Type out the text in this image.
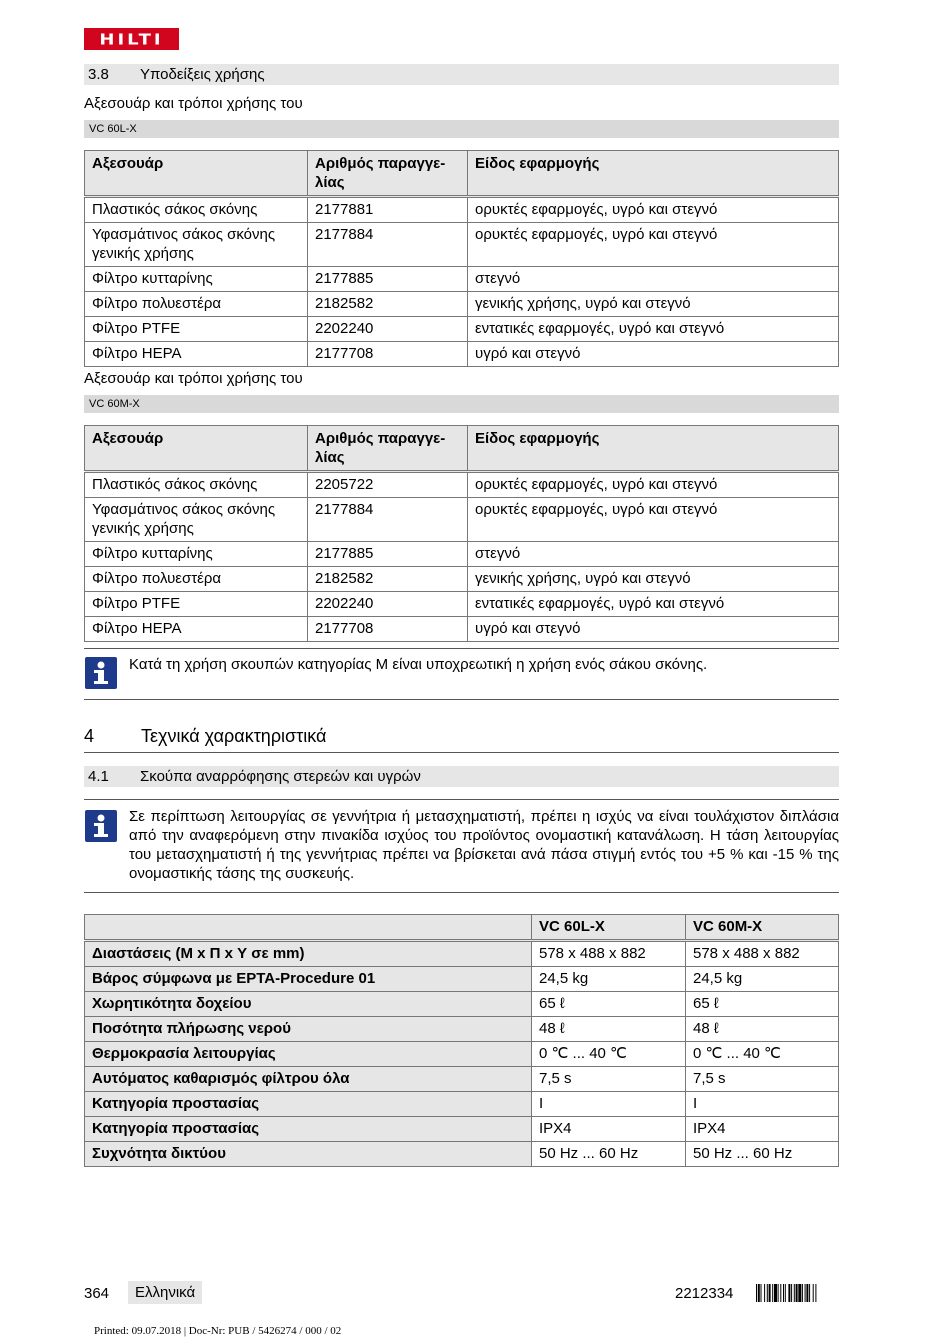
HILTI
3.8 Υποδείξεις χρήσης
Αξεσουάρ και τρόποι χρήσης του
VC 60L-X
Αξεσουάρ	Αριθμός παραγγε-λίας	Είδος εφαρμογής
Πλαστικός σάκος σκόνης	2177881	ορυκτές εφαρμογές, υγρό και στεγνό
Υφασμάτινος σάκος σκόνης γενικής χρήσης	2177884	ορυκτές εφαρμογές, υγρό και στεγνό
Φίλτρο κυτταρίνης	2177885	στεγνό
Φίλτρο πολυεστέρα	2182582	γενικής χρήσης, υγρό και στεγνό
Φίλτρο PTFE	2202240	εντατικές εφαρμογές, υγρό και στεγνό
Φίλτρο HEPA	2177708	υγρό και στεγνό
Αξεσουάρ και τρόποι χρήσης του
VC 60M-X
Αξεσουάρ	Αριθμός παραγγε-λίας	Είδος εφαρμογής
Πλαστικός σάκος σκόνης	2205722	ορυκτές εφαρμογές, υγρό και στεγνό
Υφασμάτινος σάκος σκόνης γενικής χρήσης	2177884	ορυκτές εφαρμογές, υγρό και στεγνό
Φίλτρο κυτταρίνης	2177885	στεγνό
Φίλτρο πολυεστέρα	2182582	γενικής χρήσης, υγρό και στεγνό
Φίλτρο PTFE	2202240	εντατικές εφαρμογές, υγρό και στεγνό
Φίλτρο HEPA	2177708	υγρό και στεγνό
Κατά τη χρήση σκουπών κατηγορίας M είναι υποχρεωτική η χρήση ενός σάκου σκόνης.
4	Τεχνικά χαρακτηριστικά
4.1 Σκούπα αναρρόφησης στερεών και υγρών
Σε περίπτωση λειτουργίας σε γεννήτρια ή μετασχηματιστή, πρέπει η ισχύς να είναι τουλάχιστον διπλάσια από την αναφερόμενη στην πινακίδα ισχύος του προϊόντος ονομαστική κατανάλωση. Η τάση λειτουργίας του μετασχηματιστή ή της γεννήτριας πρέπει να βρίσκεται ανά πάσα στιγμή εντός του +5 % και -15 % της ονομαστικής τάσης της συσκευής.
	VC 60L-X	VC 60M-X
Διαστάσεις (Μ x Π x Υ σε mm)	578 x 488 x 882	578 x 488 x 882
Βάρος σύμφωνα με EPTA-Procedure 01	24,5 kg	24,5 kg
Χωρητικότητα δοχείου	65 ℓ	65 ℓ
Ποσότητα πλήρωσης νερού	48 ℓ	48 ℓ
Θερμοκρασία λειτουργίας	0 ℃ ... 40 ℃	0 ℃ ... 40 ℃
Αυτόματος καθαρισμός φίλτρου όλα	7,5 s	7,5 s
Κατηγορία προστασίας	I	I
Κατηγορία προστασίας	IPX4	IPX4
Συχνότητα δικτύου	50 Hz ... 60 Hz	50 Hz ... 60 Hz
364	Ελληνικά	2212334
Printed: 09.07.2018 | Doc-Nr: PUB / 5426274 / 000 / 02
